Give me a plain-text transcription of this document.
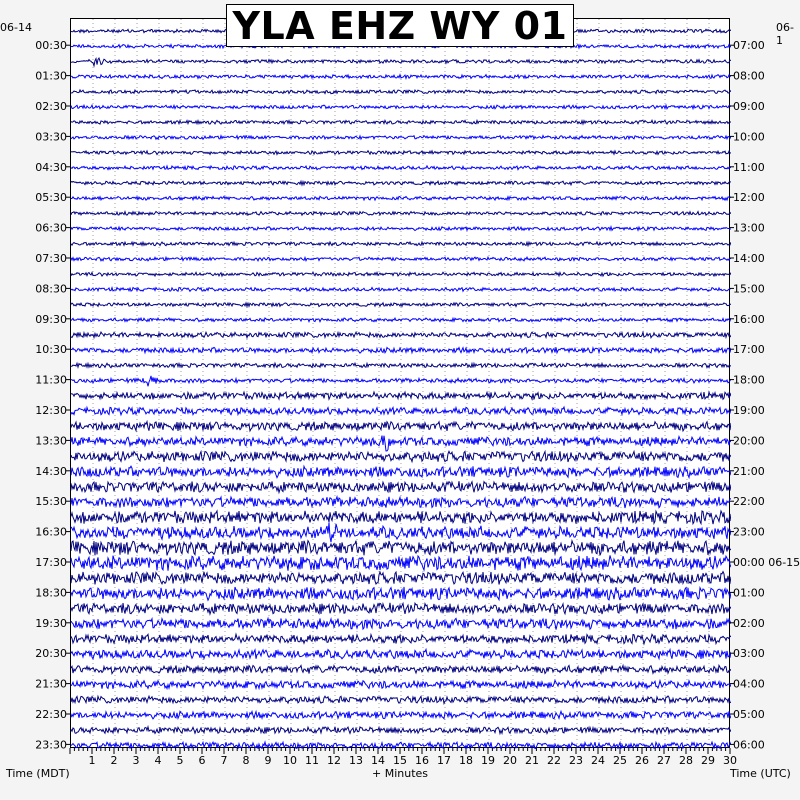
YLA EHZ WY 01
06-14	06-1
00:30	07:00
01:30	08:00
02:30	09:00
03:30	10:00
04:30	11:00
05:30	12:00
06:30	13:00
07:30	14:00
08:30	15:00
09:30	16:00
10:30	17:00
11:30	18:00
12:30	19:00
13:30	20:00
14:30	21:00
15:30	22:00
16:30	23:00
17:30	00:00 06-15
18:30	01:00
19:30	02:00
20:30	03:00
21:30	04:00
22:30	05:00
23:30	06:00
1 2 3 4 5 6 7 8 9 10 11 12 13 14 15 16 17 18 19 20 21 22 23 24 25 26 27 28 29 30
Time (MDT)	+ Minutes	Time (UTC)
